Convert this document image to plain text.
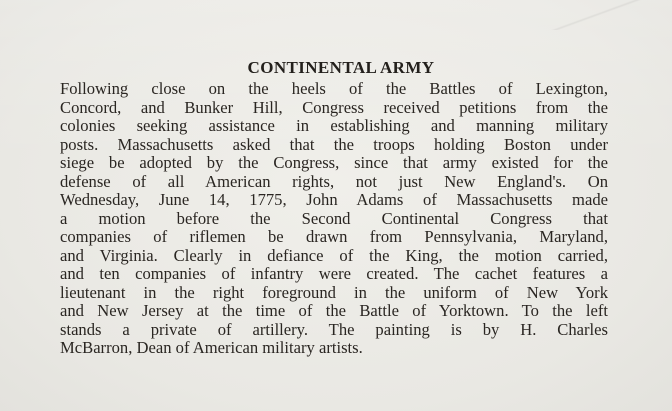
CONTINENTAL ARMY
Following close on the heels of the Battles of Lexington,
Concord, and Bunker Hill, Congress received petitions from the
colonies seeking assistance in establishing and manning military
posts. Massachusetts asked that the troops holding Boston under
siege be adopted by the Congress, since that army existed for the
defense of all American rights, not just New England's. On
Wednesday, June 14, 1775, John Adams of Massachusetts made
a motion before the Second Continental Congress that
companies of riflemen be drawn from Pennsylvania, Maryland,
and Virginia. Clearly in defiance of the King, the motion carried,
and ten companies of infantry were created. The cachet features a
lieutenant in the right foreground in the uniform of New York
and New Jersey at the time of the Battle of Yorktown. To the left
stands a private of artillery. The painting is by H. Charles
McBarron, Dean of American military artists.
